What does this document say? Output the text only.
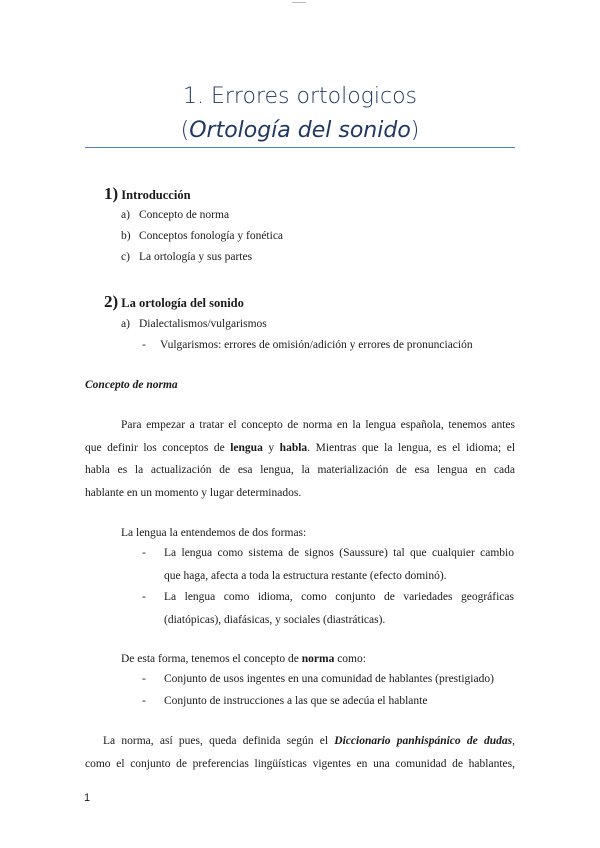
1. Errores ortologicos
(Ortología del sonido)
1) Introducción
a) Concepto de norma
b) Conceptos fonología y fonética
c) La ortología y sus partes
2) La ortología del sonido
a) Dialectalismos/vulgarismos
- Vulgarismos: errores de omisión/adición y errores de pronunciación
Concepto de norma
Para empezar a tratar el concepto de norma en la lengua española, tenemos antes
que definir los conceptos de lengua y habla. Mientras que la lengua, es el idioma; el
habla es la actualización de esa lengua, la materialización de esa lengua en cada
hablante en un momento y lugar determinados.
La lengua la entendemos de dos formas:
- La lengua como sistema de signos (Saussure) tal que cualquier cambio
que haga, afecta a toda la estructura restante (efecto dominó).
- La lengua como idioma, como conjunto de variedades geográficas
(diatópicas), diafásicas, y sociales (diastráticas).
De esta forma, tenemos el concepto de norma como:
- Conjunto de usos ingentes en una comunidad de hablantes (prestigiado)
- Conjunto de instrucciones a las que se adecúa el hablante
La norma, así pues, queda definida según el Diccionario panhispánico de dudas,
como el conjunto de preferencias lingüísticas vigentes en una comunidad de hablantes,
1
